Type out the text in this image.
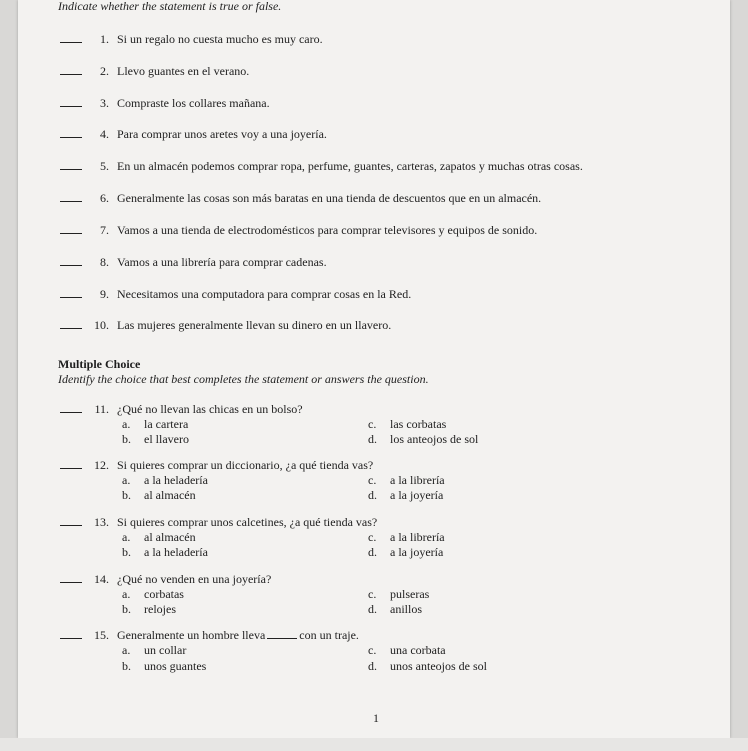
Indicate whether the statement is true or false.
1. Si un regalo no cuesta mucho es muy caro.
2. Llevo guantes en el verano.
3. Compraste los collares mañana.
4. Para comprar unos aretes voy a una joyería.
5. En un almacén podemos comprar ropa, perfume, guantes, carteras, zapatos y muchas otras cosas.
6. Generalmente las cosas son más baratas en una tienda de descuentos que en un almacén.
7. Vamos a una tienda de electrodomésticos para comprar televisores y equipos de sonido.
8. Vamos a una librería para comprar cadenas.
9. Necesitamos una computadora para comprar cosas en la Red.
10. Las mujeres generalmente llevan su dinero en un llavero.
Multiple Choice
Identify the choice that best completes the statement or answers the question.
11. ¿Qué no llevan las chicas en un bolso?
a. la cartera
b. el llavero
c. las corbatas
d. los anteojos de sol
12. Si quieres comprar un diccionario, ¿a qué tienda vas?
a. a la heladería
b. al almacén
c. a la librería
d. a la joyería
13. Si quieres comprar unos calcetines, ¿a qué tienda vas?
a. al almacén
b. a la heladería
c. a la librería
d. a la joyería
14. ¿Qué no venden en una joyería?
a. corbatas
b. relojes
c. pulseras
d. anillos
15. Generalmente un hombre lleva	con un traje.
a. un collar
b. unos guantes
c. una corbata
d. unos anteojos de sol
1
